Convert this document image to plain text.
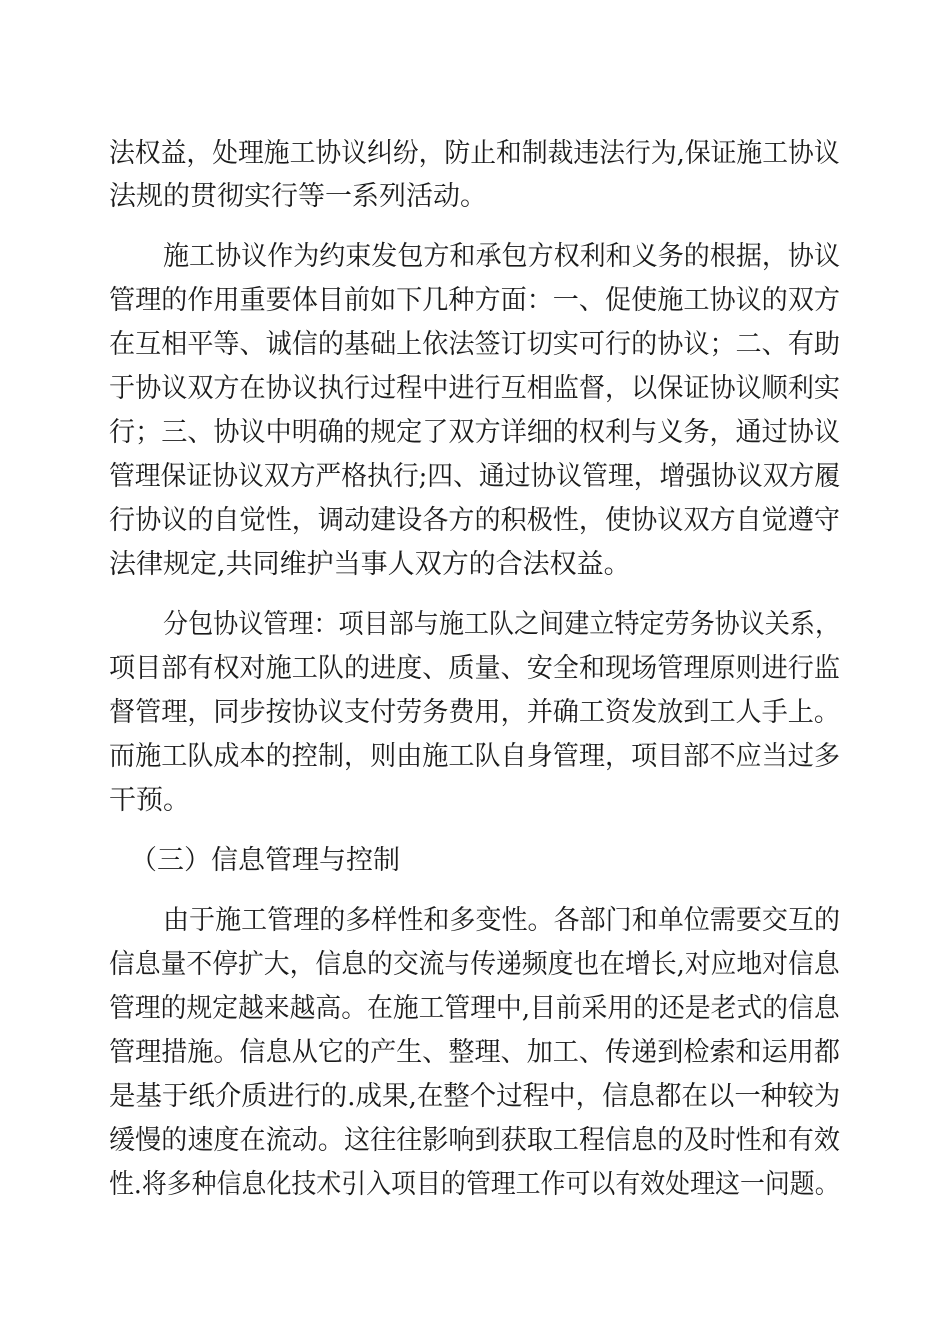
法权益，处理施工协议纠纷，防止和制裁违法行为,保证施工协议

法规的贯彻实行等一系列活动。

施工协议作为约束发包方和承包方权利和义务的根据，协议

管理的作用重要体目前如下几种方面：一、促使施工协议的双方

在互相平等、诚信的基础上依法签订切实可行的协议；二、有助

于协议双方在协议执行过程中进行互相监督，以保证协议顺利实

行；三、协议中明确的规定了双方详细的权利与义务，通过协议

管理保证协议双方严格执行;四、通过协议管理，增强协议双方履

行协议的自觉性，调动建设各方的积极性，使协议双方自觉遵守

法律规定,共同维护当事人双方的合法权益。

分包协议管理：项目部与施工队之间建立特定劳务协议关系，

项目部有权对施工队的进度、质量、安全和现场管理原则进行监

督管理，同步按协议支付劳务费用，并确工资发放到工人手上。

而施工队成本的控制，则由施工队自身管理，项目部不应当过多

干预。

（三）信息管理与控制

由于施工管理的多样性和多变性。各部门和单位需要交互的

信息量不停扩大，信息的交流与传递频度也在增长,对应地对信息

管理的规定越来越高。在施工管理中,目前采用的还是老式的信息

管理措施。信息从它的产生、整理、加工、传递到检索和运用都

是基于纸介质进行的.成果,在整个过程中，信息都在以一种较为

缓慢的速度在流动。这往往影响到获取工程信息的及时性和有效

性.将多种信息化技术引入项目的管理工作可以有效处理这一问题。
